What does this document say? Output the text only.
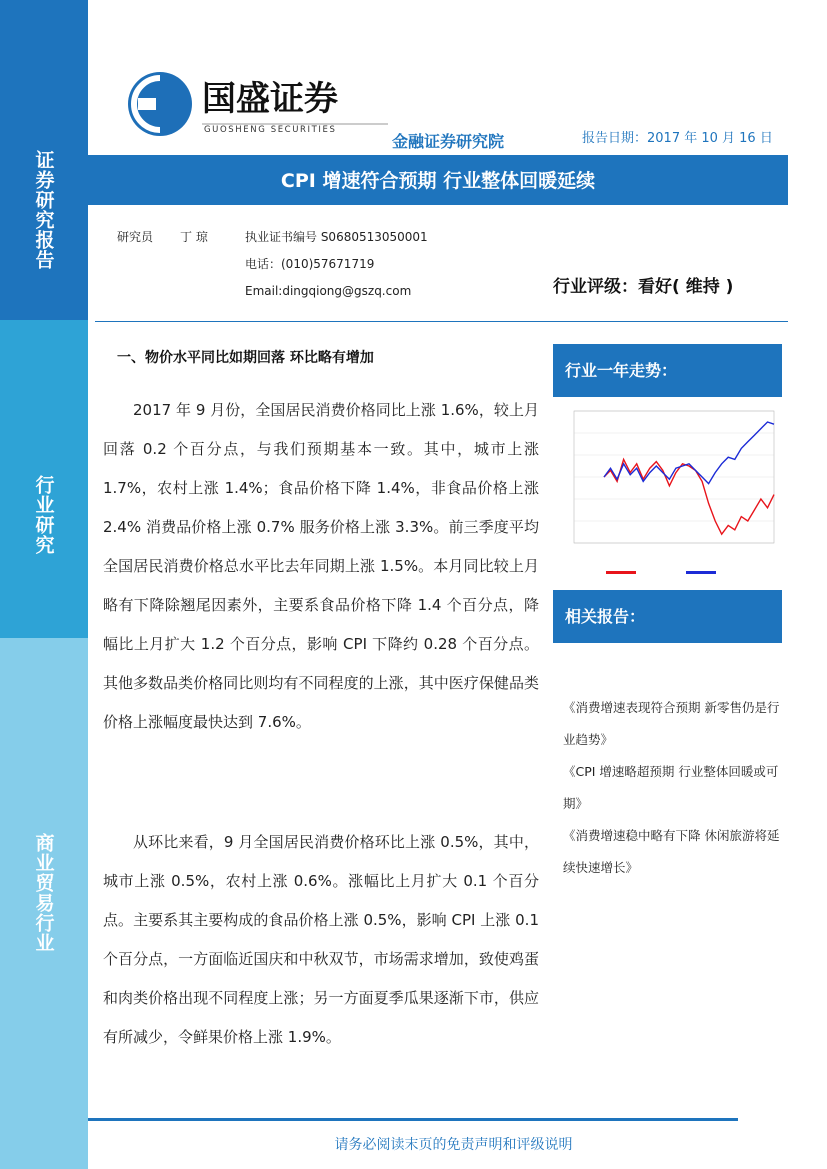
证券研究报告
行业研究
商业贸易行业
国盛证券
GUOSHENG SECURITIES
金融证券研究院	报告日期：2017 年 10 月 16 日
CPI 增速符合预期 行业整体回暖延续
研究员 丁 琼	执业证书编号 S0680513050001
电话：(010)57671719
Email:dingqiong@gszq.com	行业评级：看好( 维持 )
一、物价水平同比如期回落 环比略有增加

2017 年 9 月份，全国居民消费价格同比上涨 1.6%，较上月回落 0.2 个百分点，与我们预期基本一致。其中，城市上涨 1.7%，农村上涨 1.4%；食品价格下降 1.4%，非食品价格上涨 2.4% 消费品价格上涨 0.7% 服务价格上涨 3.3%。前三季度平均全国居民消费价格总水平比去年同期上涨 1.5%。本月同比较上月略有下降除翘尾因素外，主要系食品价格下降 1.4 个百分点，降幅比上月扩大 1.2 个百分点，影响 CPI 下降约 0.28 个百分点。其他多数品类价格同比则均有不同程度的上涨，其中医疗保健品类价格上涨幅度最快达到 7.6%。

从环比来看，9 月全国居民消费价格环比上涨 0.5%，其中，城市上涨 0.5%，农村上涨 0.6%。涨幅比上月扩大 0.1 个百分点。主要系其主要构成的食品价格上涨 0.5%，影响 CPI 上涨 0.1 个百分点，一方面临近国庆和中秋双节，市场需求增加，致使鸡蛋和肉类价格出现不同程度上涨；另一方面夏季瓜果逐渐下市，供应有所减少，令鲜果价格上涨 1.9%。

行业一年走势：
相关报告：
《消费增速表现符合预期 新零售仍是行业趋势》
《CPI 增速略超预期 行业整体回暖或可期》
《消费增速稳中略有下降 休闲旅游将延续快速增长》
请务必阅读末页的免责声明和评级说明
